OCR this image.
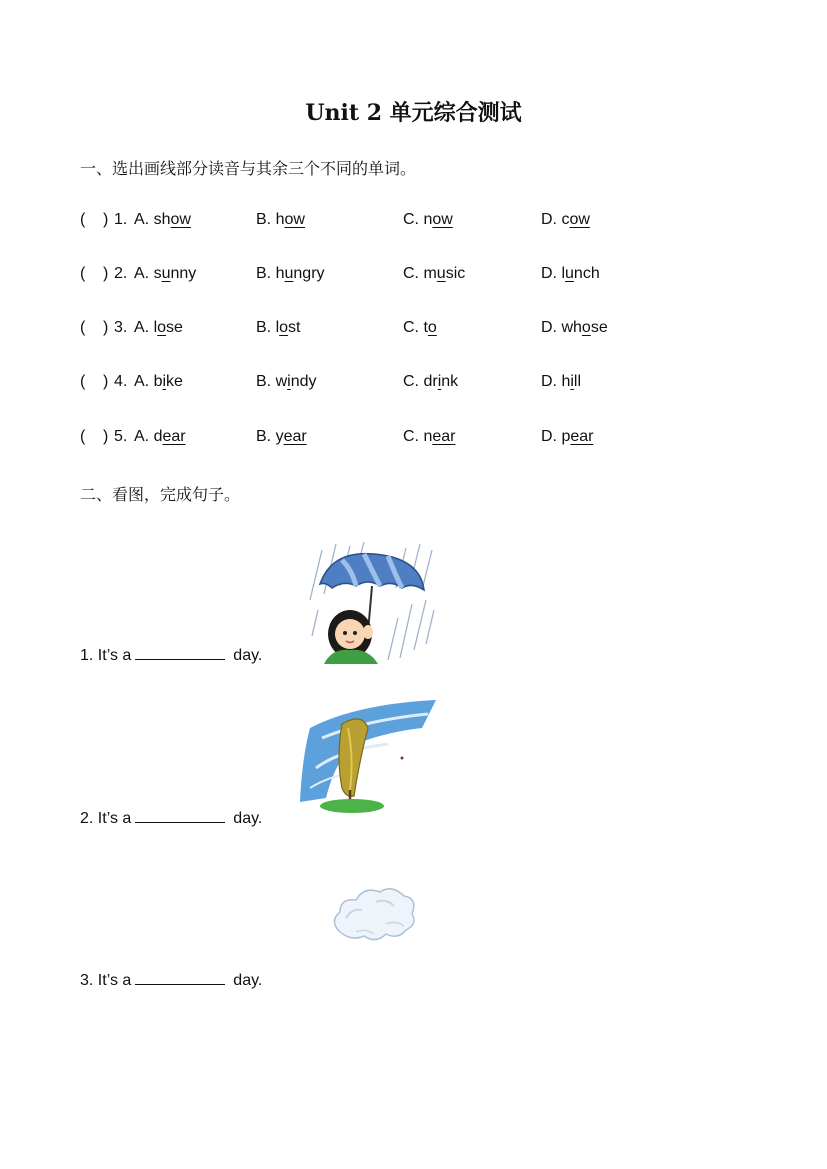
Unit 2 单元综合测试
一、选出画线部分读音与其余三个不同的单词。
( ) 1. A. show	B. how	C. now	D. cow
( ) 2. A. sunny	B. hungry	C. music	D. lunch
( ) 3. A. lose	B. lost	C. to	D. whose
( ) 4. A. bike	B. windy	C. drink	D. hill
( ) 5. A. dear	B. year	C. near	D. pear
二、看图，完成句子。
1. It’s a	day.
2. It’s a	day.
3. It’s a	day.
